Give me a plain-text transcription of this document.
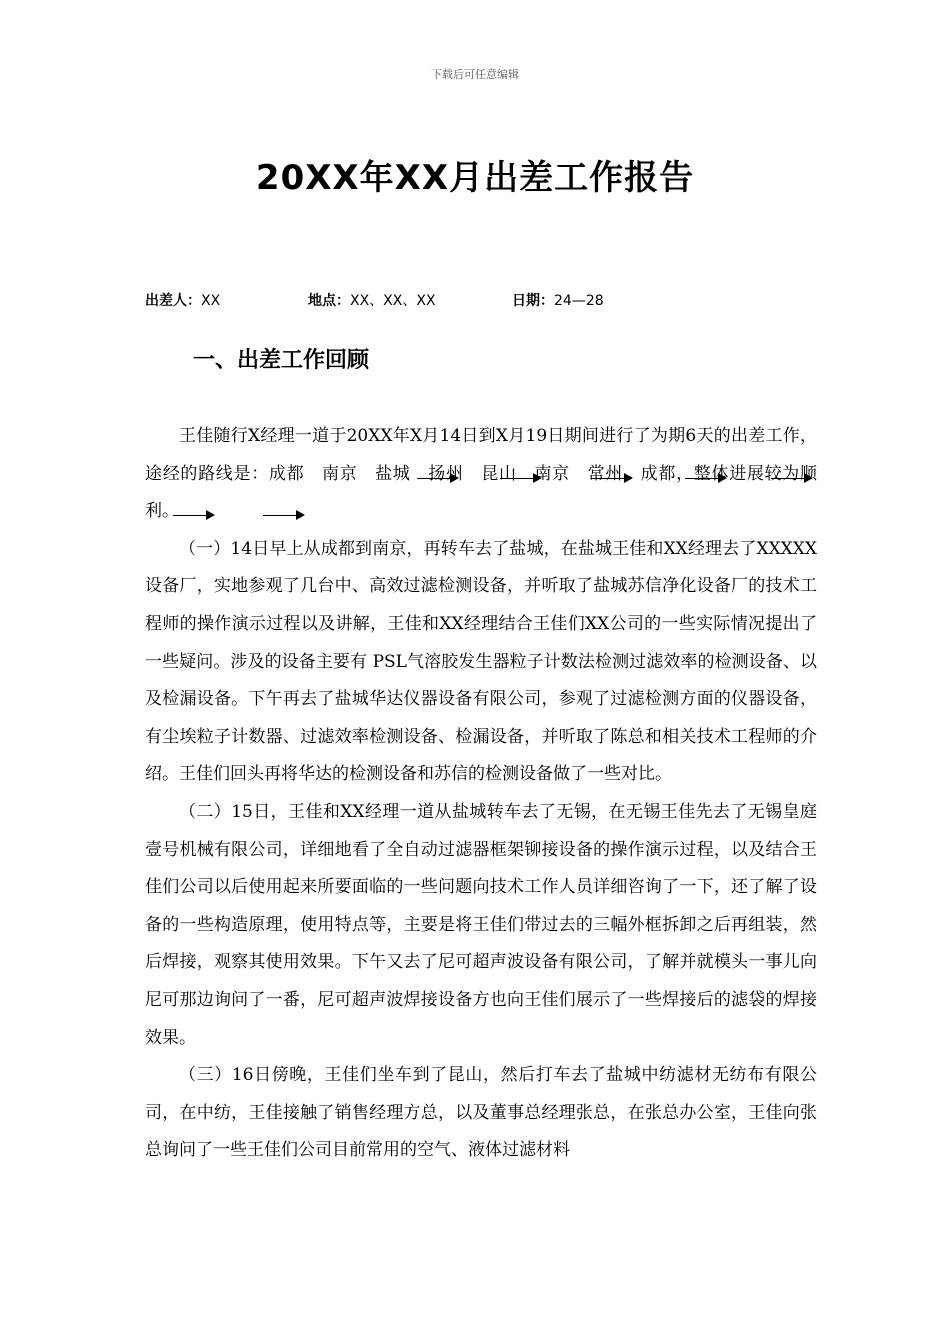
下载后可任意编辑
20XX年XX月出差工作报告
出差人：XX	地点：XX、XX、XX	日期：24—28
一、出差工作回顾

王佳随行X经理一道于20XX年X月14日到X月19日期间进行了为期6天的出差工作，途经的路线是：成都　南京　盐城　扬州　昆山　南京　常州　成都，整体进展较为顺利。

（一）14日早上从成都到南京，再转车去了盐城，在盐城王佳和XX经理去了XXXXX设备厂，实地参观了几台中、高效过滤检测设备，并听取了盐城苏信净化设备厂的技术工程师的操作演示过程以及讲解，王佳和XX经理结合王佳们XX公司的一些实际情况提出了一些疑问。涉及的设备主要有 PSL气溶胶发生器粒子计数法检测过滤效率的检测设备、以及检漏设备。下午再去了盐城华达仪器设备有限公司，参观了过滤检测方面的仪器设备，有尘埃粒子计数器、过滤效率检测设备、检漏设备，并听取了陈总和相关技术工程师的介绍。王佳们回头再将华达的检测设备和苏信的检测设备做了一些对比。

（二）15日，王佳和XX经理一道从盐城转车去了无锡，在无锡王佳先去了无锡皇庭壹号机械有限公司，详细地看了全自动过滤器框架铆接设备的操作演示过程，以及结合王佳们公司以后使用起来所要面临的一些问题向技术工作人员详细咨询了一下，还了解了设备的一些构造原理，使用特点等，主要是将王佳们带过去的三幅外框拆卸之后再组装，然后焊接，观察其使用效果。下午又去了尼可超声波设备有限公司，了解并就模头一事儿向尼可那边询问了一番，尼可超声波焊接设备方也向王佳们展示了一些焊接后的滤袋的焊接效果。

（三）16日傍晚，王佳们坐车到了昆山，然后打车去了盐城中纺滤材无纺布有限公司，在中纺，王佳接触了销售经理方总，以及董事总经理张总，在张总办公室，王佳向张总询问了一些王佳们公司目前常用的空气、液体过滤材料
